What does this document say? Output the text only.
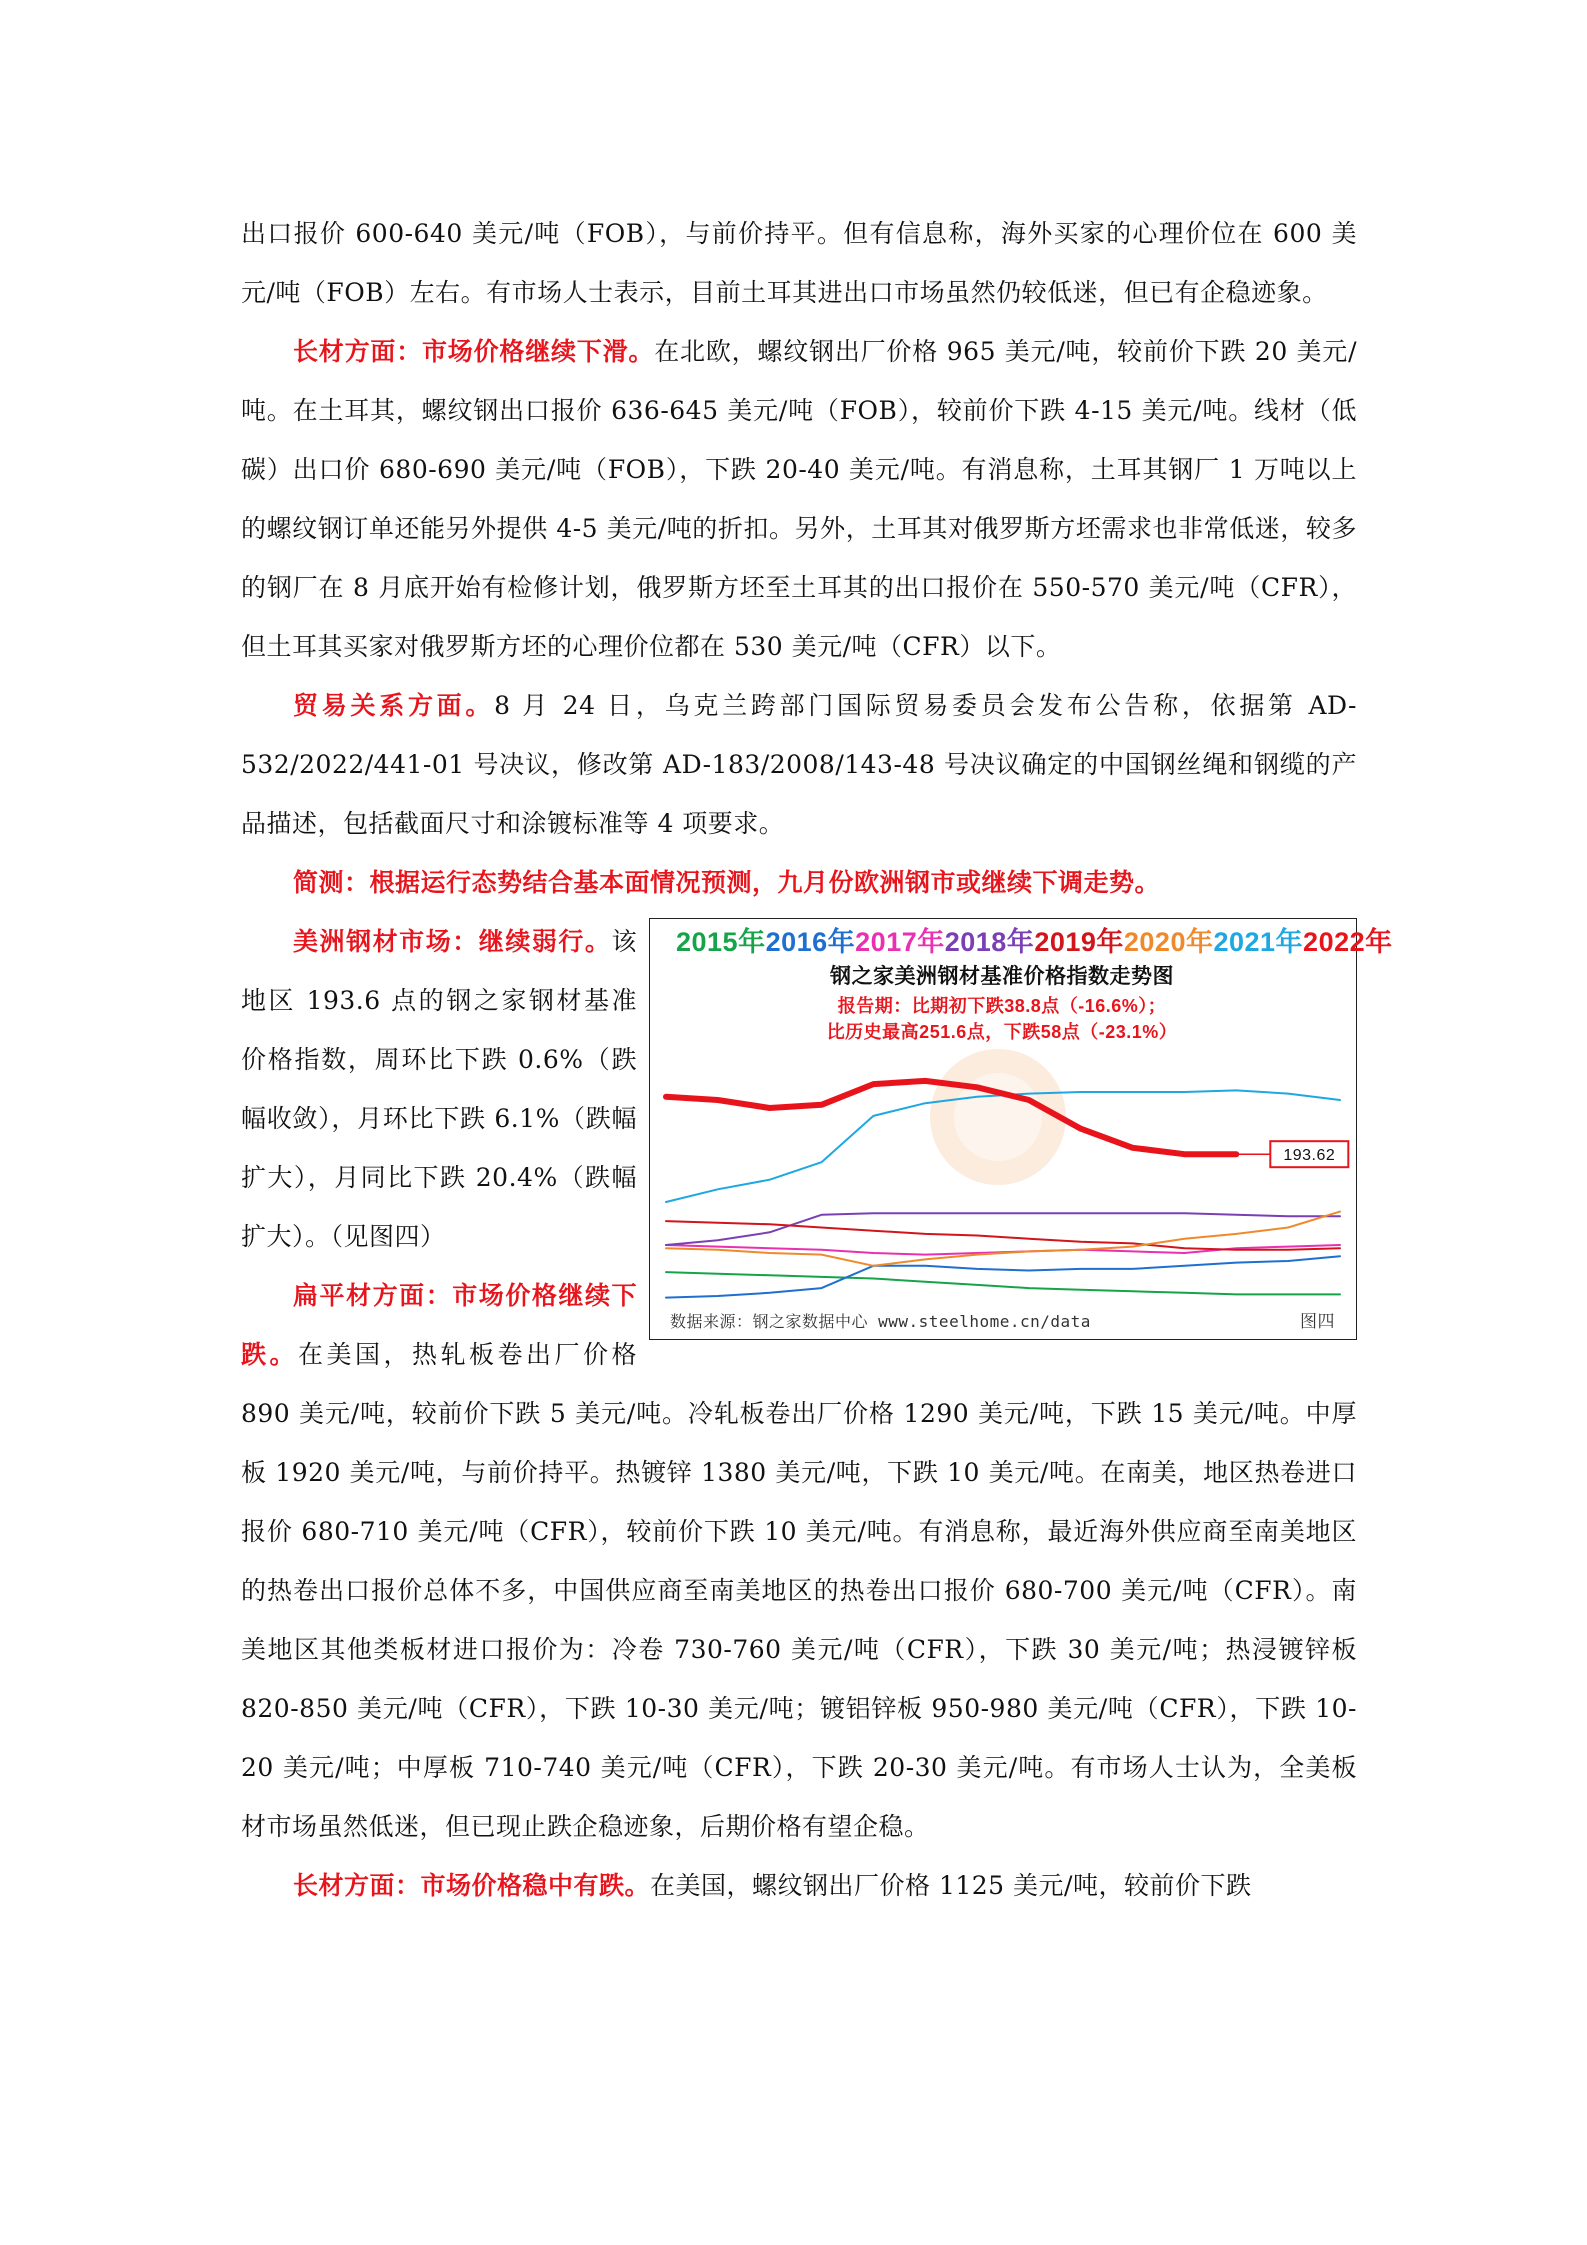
出口报价 600-640 美元/吨（FOB），与前价持平。但有信息称，海外买家的心理价位在 600 美元/吨（FOB）左右。有市场人士表示，目前土耳其进出口市场虽然仍较低迷，但已有企稳迹象。

长材方面：市场价格继续下滑。在北欧，螺纹钢出厂价格 965 美元/吨，较前价下跌 20 美元/吨。在土耳其，螺纹钢出口报价 636-645 美元/吨（FOB），较前价下跌 4-15 美元/吨。线材（低碳）出口价 680-690 美元/吨（FOB），下跌 20-40 美元/吨。有消息称，土耳其钢厂 1 万吨以上的螺纹钢订单还能另外提供 4-5 美元/吨的折扣。另外，土耳其对俄罗斯方坯需求也非常低迷，较多的钢厂在 8 月底开始有检修计划，俄罗斯方坯至土耳其的出口报价在 550-570 美元/吨（CFR），但土耳其买家对俄罗斯方坯的心理价位都在 530 美元/吨（CFR）以下。

贸易关系方面。8 月 24 日，乌克兰跨部门国际贸易委员会发布公告称，依据第 AD-532/2022/441-01 号决议，修改第 AD-183/2008/143-48 号决议确定的中国钢丝绳和钢缆的产品描述，包括截面尺寸和涂镀标准等 4 项要求。

简测：根据运行态势结合基本面情况预测，九月份欧洲钢市或继续下调走势。

2015年2016年2017年2018年2019年2020年2021年2022年
钢之家美洲钢材基准价格指数走势图
报告期：比期初下跌38.8点（-16.6%）；
比历史最高251.6点，下跌58点（-23.1%）
193.62
数据来源：钢之家数据中心 www.steelhome.cn/data	图四

美洲钢材市场：继续弱行。该地区 193.6 点的钢之家钢材基准价格指数，周环比下跌 0.6%（跌幅收敛），月环比下跌 6.1%（跌幅扩大），月同比下跌 20.4%（跌幅扩大）。（见图四）

扁平材方面：市场价格继续下跌。在美国，热轧板卷出厂价格 890 美元/吨，较前价下跌 5 美元/吨。冷轧板卷出厂价格 1290 美元/吨，下跌 15 美元/吨。中厚板 1920 美元/吨，与前价持平。热镀锌 1380 美元/吨，下跌 10 美元/吨。在南美，地区热卷进口报价 680-710 美元/吨（CFR），较前价下跌 10 美元/吨。有消息称，最近海外供应商至南美地区的热卷出口报价总体不多，中国供应商至南美地区的热卷出口报价 680-700 美元/吨（CFR）。南美地区其他类板材进口报价为：冷卷 730-760 美元/吨（CFR），下跌 30 美元/吨；热浸镀锌板 820-850 美元/吨（CFR），下跌 10-30 美元/吨；镀铝锌板 950-980 美元/吨（CFR），下跌 10-20 美元/吨；中厚板 710-740 美元/吨（CFR），下跌 20-30 美元/吨。有市场人士认为，全美板材市场虽然低迷，但已现止跌企稳迹象，后期价格有望企稳。

长材方面：市场价格稳中有跌。在美国，螺纹钢出厂价格 1125 美元/吨，较前价下跌
